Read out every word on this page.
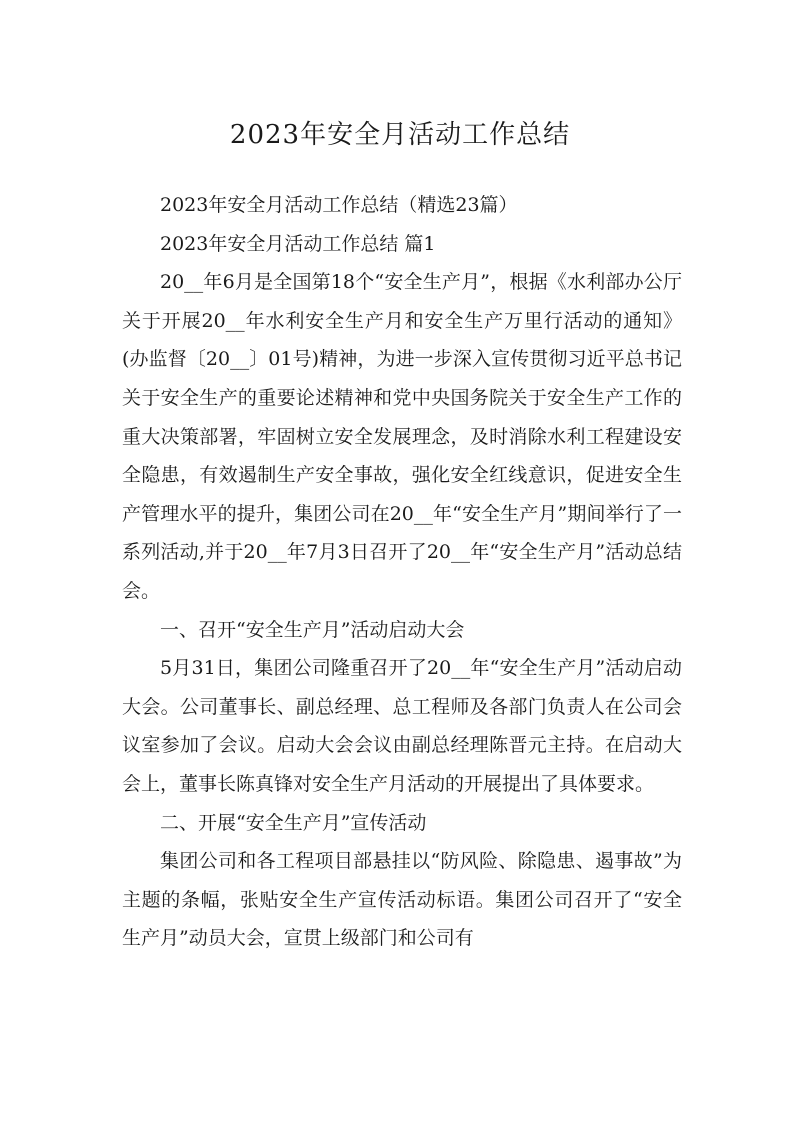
2023年安全月活动工作总结

2023年安全月活动工作总结（精选23篇）

2023年安全月活动工作总结 篇1

20__年6月是全国第18个“安全生产月”，根据《水利部办公厅关于开展20__年水利安全生产月和安全生产万里行活动的通知》(办监督〔20__〕01号)精神，为进一步深入宣传贯彻习近平总书记关于安全生产的重要论述精神和党中央国务院关于安全生产工作的重大决策部署，牢固树立安全发展理念，及时消除水利工程建设安全隐患，有效遏制生产安全事故，强化安全红线意识，促进安全生产管理水平的提升，集团公司在20__年“安全生产月”期间举行了一系列活动,并于20__年7月3日召开了20__年“安全生产月”活动总结会。

一、召开“安全生产月”活动启动大会

5月31日，集团公司隆重召开了20__年“安全生产月”活动启动大会。公司董事长、副总经理、总工程师及各部门负责人在公司会议室参加了会议。启动大会会议由副总经理陈晋元主持。在启动大会上，董事长陈真锋对安全生产月活动的开展提出了具体要求。

二、开展“安全生产月”宣传活动

集团公司和各工程项目部悬挂以“防风险、除隐患、遏事故”为主题的条幅，张贴安全生产宣传活动标语。集团公司召开了“安全生产月”动员大会，宣贯上级部门和公司有
